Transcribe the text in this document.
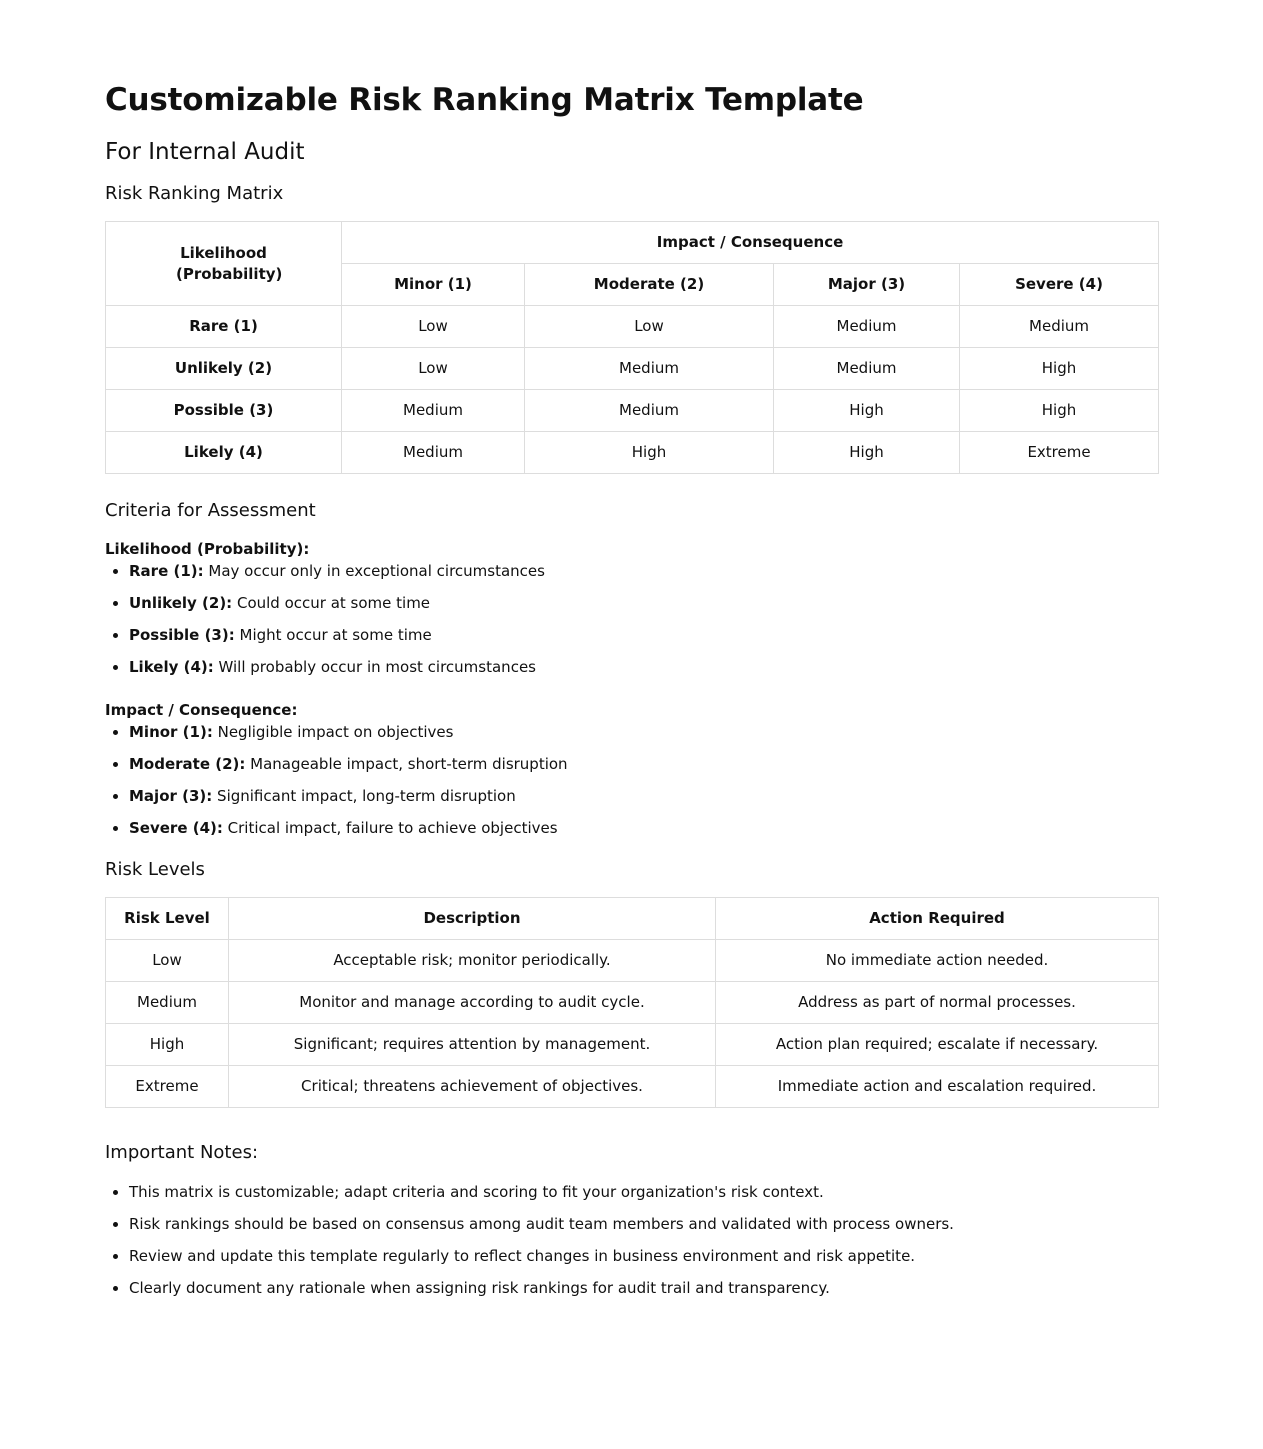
Customizable Risk Ranking Matrix Template
For Internal Audit
Risk Ranking Matrix
Likelihood (Probability)	Impact / Consequence			
	Minor (1)	Moderate (2)	Major (3)	Severe (4)
Rare (1)	Low	Low	Medium	Medium
Unlikely (2)	Low	Medium	Medium	High
Possible (3)	Medium	Medium	High	High
Likely (4)	Medium	High	High	Extreme
Criteria for Assessment

Likelihood (Probability):

• Rare (1): May occur only in exceptional circumstances
• Unlikely (2): Could occur at some time
• Possible (3): Might occur at some time
• Likely (4): Will probably occur in most circumstances

Impact / Consequence:

• Minor (1): Negligible impact on objectives
• Moderate (2): Manageable impact, short-term disruption
• Major (3): Significant impact, long-term disruption
• Severe (4): Critical impact, failure to achieve objectives
Risk Levels
Risk Level	Description	Action Required
Low	Acceptable risk; monitor periodically.	No immediate action needed.
Medium	Monitor and manage according to audit cycle.	Address as part of normal processes.
High	Significant; requires attention by management.	Action plan required; escalate if necessary.
Extreme	Critical; threatens achievement of objectives.	Immediate action and escalation required.
Important Notes:
• This matrix is customizable; adapt criteria and scoring to fit your organization's risk context.
• Risk rankings should be based on consensus among audit team members and validated with process owners.
• Review and update this template regularly to reflect changes in business environment and risk appetite.
• Clearly document any rationale when assigning risk rankings for audit trail and transparency.
